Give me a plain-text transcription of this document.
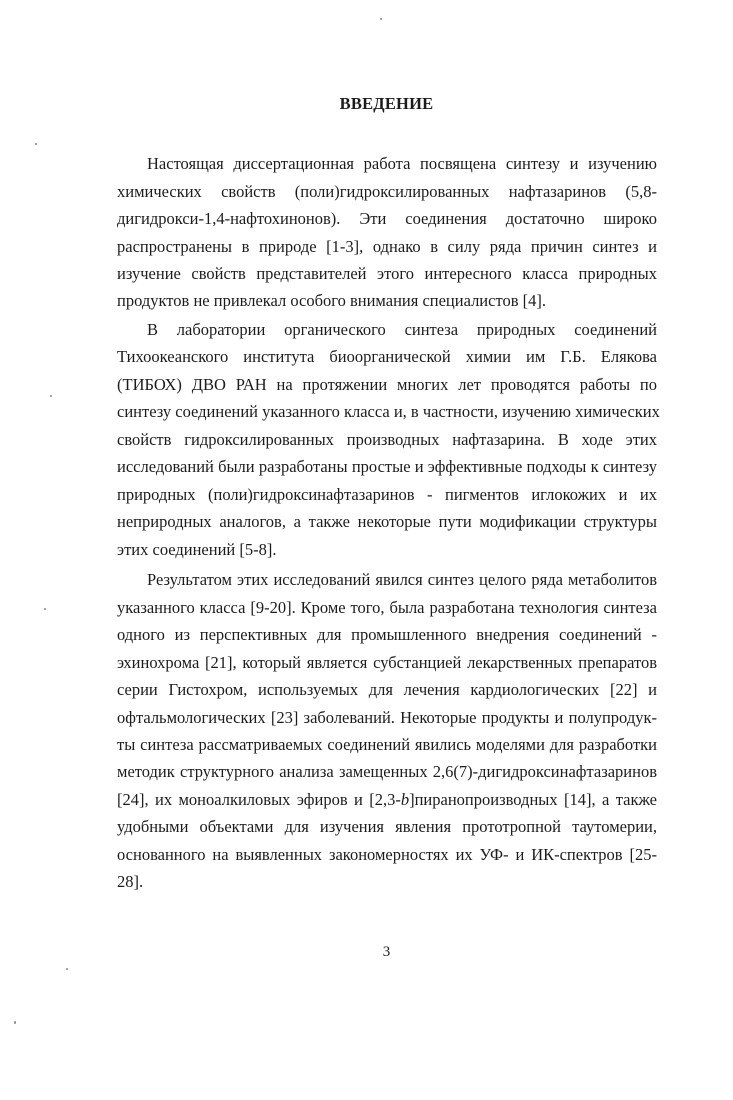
ВВЕДЕНИЕ
Настоящая диссертационная работа посвящена синтезу и изучению
химических свойств (поли)гидроксилированных нафтазаринов (5,8-
дигидрокси-1,4-нафтохинонов). Эти соединения достаточно широко
распространены в природе [1-3], однако в силу ряда причин синтез и
изучение свойств представителей этого интересного класса природных
продуктов не привлекал особого внимания специалистов [4].
В лаборатории органического синтеза природных соединений
Тихоокеанского института биоорганической химии им Г.Б. Елякова
(ТИБОХ) ДВО РАН на протяжении многих лет проводятся работы по
синтезу соединений указанного класса и, в частности, изучению химических
свойств гидроксилированных производных нафтазарина. В ходе этих
исследований были разработаны простые и эффективные подходы к синтезу
природных (поли)гидроксинафтазаринов - пигментов иглокожих и их
неприродных аналогов, а также некоторые пути модификации структуры
этих соединений [5-8].
Результатом этих исследований явился синтез целого ряда метаболитов
указанного класса [9-20]. Кроме того, была разработана технология синтеза
одного из перспективных для промышленного внедрения соединений -
эхинохрома [21], который является субстанцией лекарственных препаратов
серии Гистохром, используемых для лечения кардиологических [22] и
офтальмологических [23] заболеваний. Некоторые продукты и полупродук-
ты синтеза рассматриваемых соединений явились моделями для разработки
методик структурного анализа замещенных 2,6(7)-дигидроксинафтазаринов
[24], их моноалкиловых эфиров и [2,3-b]пиранопроизводных [14], а также
удобными объектами для изучения явления прототропной таутомерии,
основанного на выявленных закономерностях их УФ- и ИК-спектров [25-
28].
3
